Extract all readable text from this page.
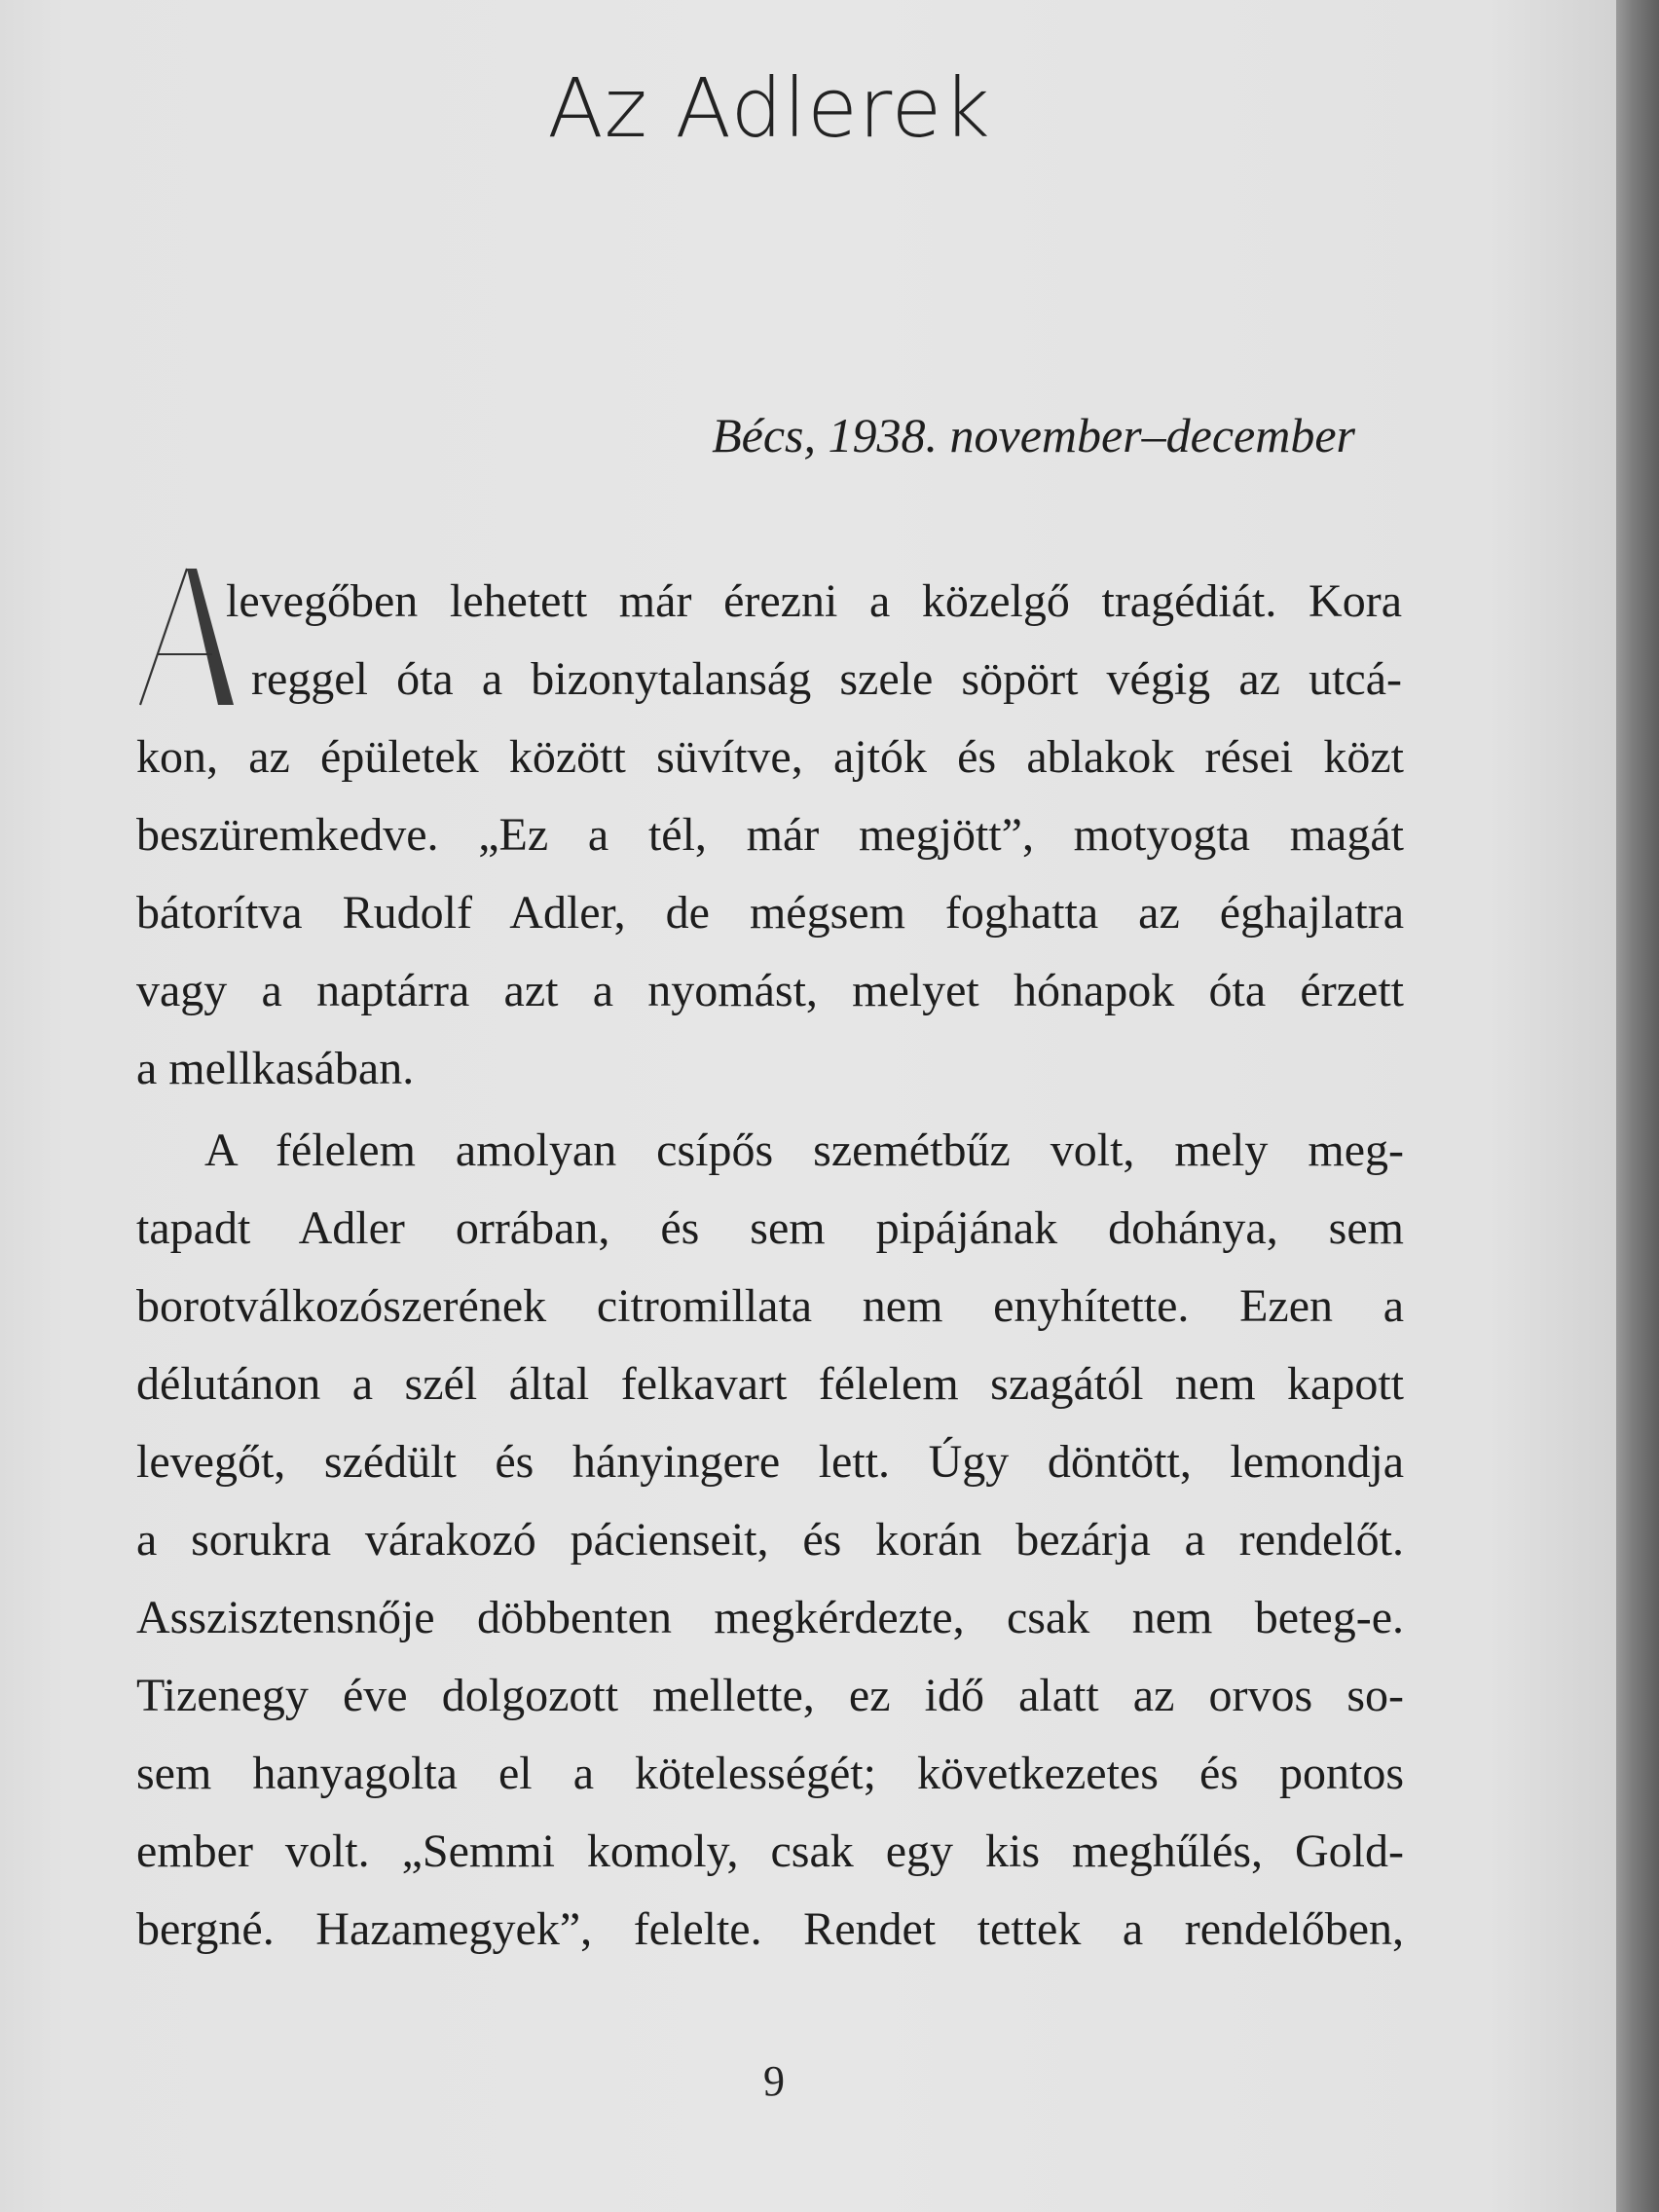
Az Adlerek
Bécs, 1938. november–december
levegőben lehetett már érezni a közelgő tragédiát. Kora
reggel óta a bizonytalanság szele söpört végig az utcá-
kon, az épületek között süvítve, ajtók és ablakok rései közt
beszüremkedve. „Ez a tél, már megjött”, motyogta magát
bátorítva Rudolf Adler, de mégsem foghatta az éghajlatra
vagy a naptárra azt a nyomást, melyet hónapok óta érzett
a mellkasában.
A félelem amolyan csípős szemétbűz volt, mely meg-
tapadt Adler orrában, és sem pipájának dohánya, sem
borotválkozószerének citromillata nem enyhítette. Ezen a
délutánon a szél által felkavart félelem szagától nem kapott
levegőt, szédült és hányingere lett. Úgy döntött, lemondja
a sorukra várakozó pácienseit, és korán bezárja a rendelőt.
Asszisztensnője döbbenten megkérdezte, csak nem beteg-e.
Tizenegy éve dolgozott mellette, ez idő alatt az orvos so-
sem hanyagolta el a kötelességét; következetes és pontos
ember volt. „Semmi komoly, csak egy kis meghűlés, Gold-
bergné. Hazamegyek”, felelte. Rendet tettek a rendelőben,
9
